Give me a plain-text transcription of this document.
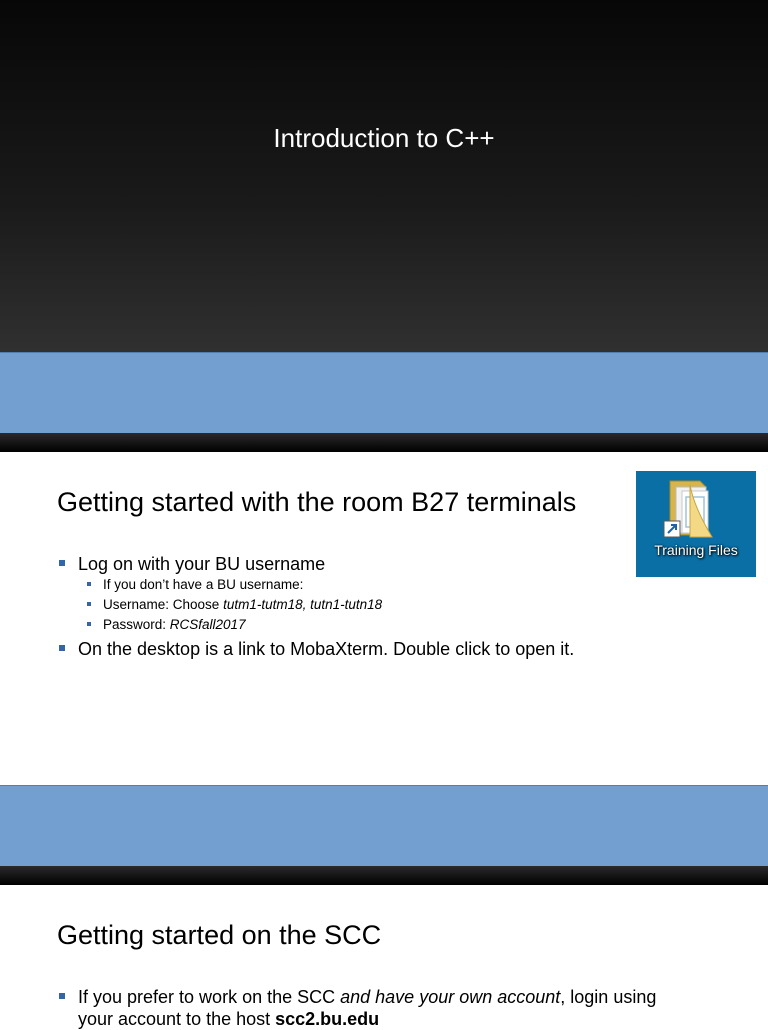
Introduction to C++
Getting started with the room B27 terminals
Training Files
Log on with your BU username
If you don’t have a BU username:
Username: Choose tutm1-tutm18, tutn1-tutn18
Password: RCSfall2017
On the desktop is a link to MobaXterm. Double click to open it.
Getting started on the SCC
If you prefer to work on the SCC and have your own account, login using
your account to the host scc2.bu.edu
